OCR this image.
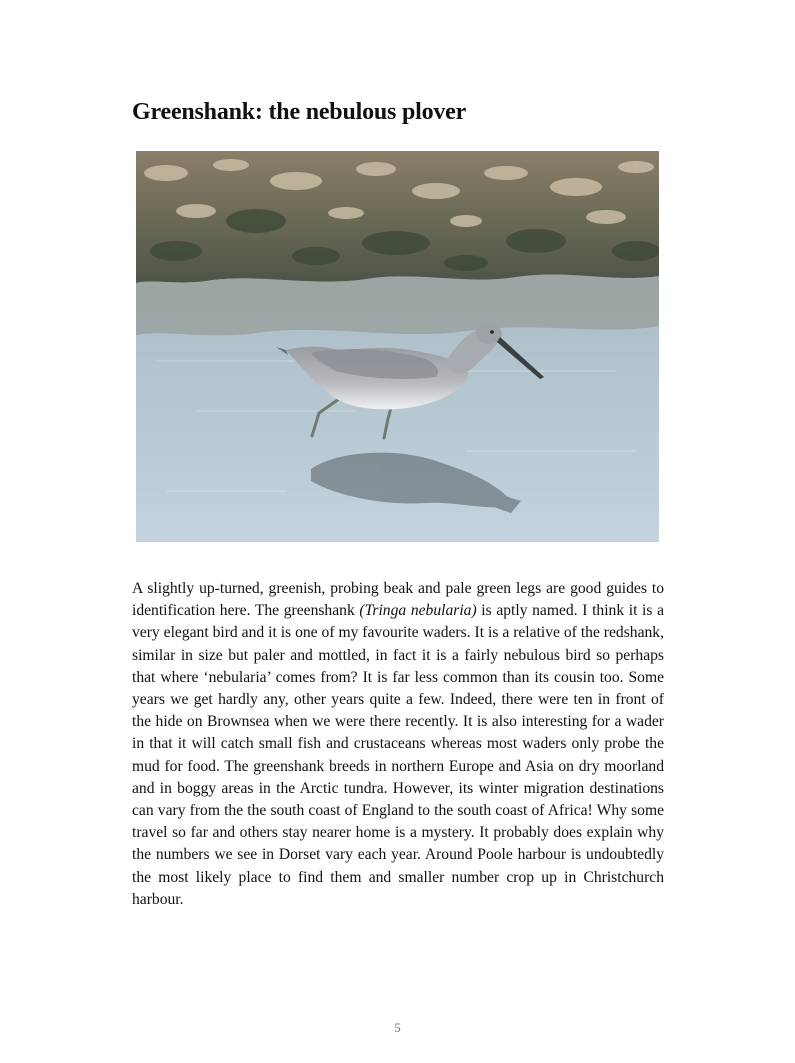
Greenshank: the nebulous plover

A slightly up-turned, greenish, probing beak and pale green legs are good guides to identification here. The greenshank (Tringa nebularia) is aptly named. I think it is a very elegant bird and it is one of my favourite waders. It is a relative of the redshank, similar in size but paler and mottled, in fact it is a fairly nebulous bird so perhaps that where ‘nebularia’ comes from? It is far less common than its cousin too. Some years we get hardly any, other years quite a few. Indeed, there were ten in front of the hide on Brownsea when we were there recently. It is also interesting for a wader in that it will catch small fish and crustaceans whereas most waders only probe the mud for food. The greenshank breeds in northern Europe and Asia on dry moorland and in boggy areas in the Arctic tundra. However, its winter migration destinations can vary from the the south coast of England to the south coast of Africa! Why some travel so far and others stay nearer home is a mystery. It probably does explain why the numbers we see in Dorset vary each year. Around Poole harbour is undoubtedly the most likely place to find them and smaller number crop up in Christchurch harbour.

5
